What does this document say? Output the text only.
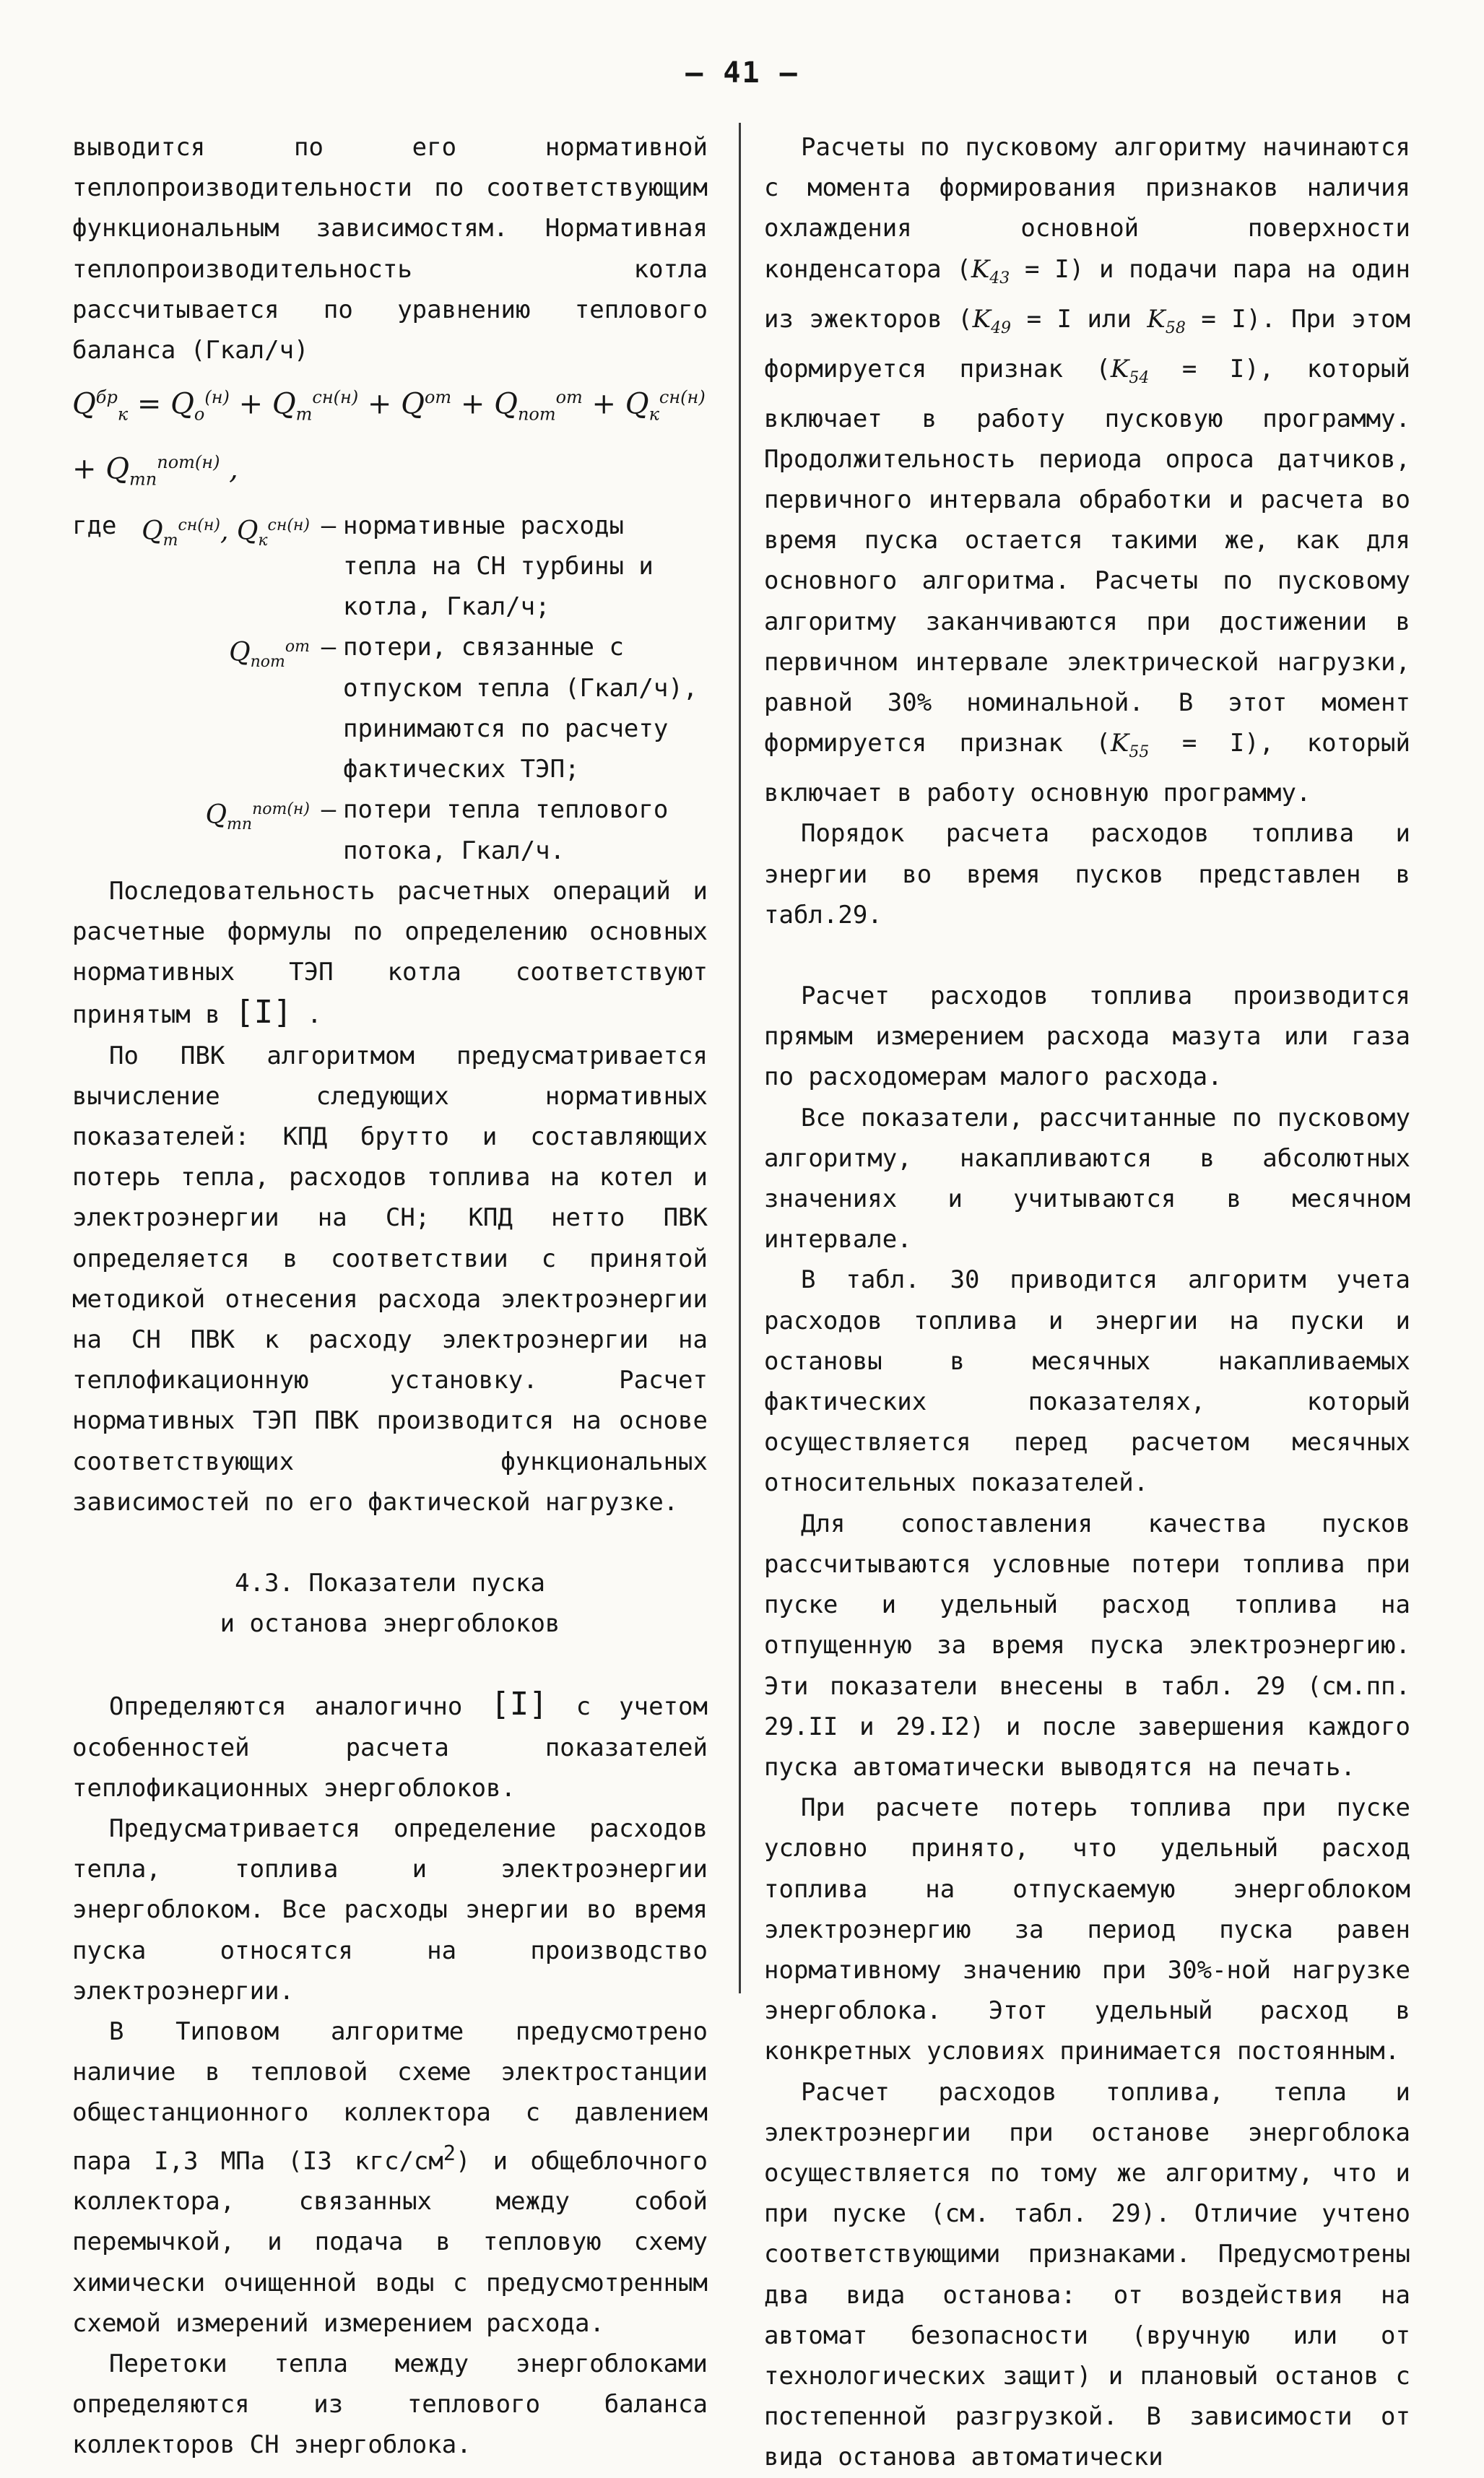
– 41 –

выводится по его нормативной теплопроизводительности по соответствующим функциональным зависимостям. Нормативная теплопроизводительность котла рассчитывается по уравнению теплового баланса (Гкал/ч)

$Q^{бр}_к = Q_о^{(н)} + Q_т^{сн(н)} + Q^{от} + Q_{пот}^{от} + Q_к^{сн(н)} + Q_{тп}^{пот(н)}$ ,
где $Q_т^{сн(н)}$, $Q_к^{сн(н)}$ – нормативные расходы тепла на СН турбины и котла, Гкал/ч;
$Q_{пот}^{от}$ – потери, связанные с отпуском тепла (Гкал/ч), принимаются по расчету фактических ТЭП;
$Q_{тп}^{пот(н)}$ – потери тепла теплового потока, Гкал/ч.

Последовательность расчетных операций и расчетные формулы по определению основных нормативных ТЭП котла соответствуют принятым в [I] .

По ПВК алгоритмом предусматривается вычисление следующих нормативных показателей: КПД брутто и составляющих потерь тепла, расходов топлива на котел и электроэнергии на СН; КПД нетто ПВК определяется в соответствии с принятой методикой отнесения расхода электроэнергии на СН ПВК к расходу электроэнергии на теплофикационную установку. Расчет нормативных ТЭП ПВК производится на основе соответствующих функциональных зависимостей по его фактической нагрузке.

4.3. Показатели пуска
и останова энергоблоков

Определяются аналогично [I] с учетом особенностей расчета показателей теплофикационных энергоблоков.

Предусматривается определение расходов тепла, топлива и электроэнергии энергоблоком. Все расходы энергии во время пуска относятся на производство электроэнергии.

В Типовом алгоритме предусмотрено наличие в тепловой схеме электростанции общестанционного коллектора с давлением пара I,3 МПа (I3 кгс/$см^2$) и общеблочного коллектора, связанных между собой перемычкой, и подача в тепловую схему химически очищенной воды с предусмотренным схемой измерений измерением расхода.

Перетоки тепла между энергоблоками определяются из теплового баланса коллекторов СН энергоблока.

Расчеты по пусковому алгоритму начинаются с момента формирования признаков наличия охлаждения основной поверхности конденсатора $(K_{43} = I)$ и подачи пара на один из эжекторов ($K_{49} = I$ или $K_{58} = I$). При этом формируется признак $(K_{54} = I)$, который включает в работу пусковую программу. Продолжительность периода опроса датчиков, первичного интервала обработки и расчета во время пуска остается такими же, как для основного алгоритма. Расчеты по пусковому алгоритму заканчиваются при достижении в первичном интервале электрической нагрузки, равной 30% номинальной. В этот момент формируется признак $(K_{55} = I)$, который включает в работу основную программу.

Порядок расчета расходов топлива и энергии во время пусков представлен в табл.29.

Расчет расходов топлива производится прямым измерением расхода мазута или газа по расходомерам малого расхода.

Все показатели, рассчитанные по пусковому алгоритму, накапливаются в абсолютных значениях и учитываются в месячном интервале.

В табл. 30 приводится алгоритм учета расходов топлива и энергии на пуски и остановы в месячных накапливаемых фактических показателях, который осуществляется перед расчетом месячных относительных показателей.

Для сопоставления качества пусков рассчитываются условные потери топлива при пуске и удельный расход топлива на отпущенную за время пуска электроэнергию. Эти показатели внесены в табл. 29 (см.пп. 29.II и 29.I2) и после завершения каждого пуска автоматически выводятся на печать.

При расчете потерь топлива при пуске условно принято, что удельный расход топлива на отпускаемую энергоблоком электроэнергию за период пуска равен нормативному значению при 30%-ной нагрузке энергоблока. Этот удельный расход в конкретных условиях принимается постоянным.

Расчет расходов топлива, тепла и электроэнергии при останове энергоблока осуществляется по тому же алгоритму, что и при пуске (см. табл. 29). Отличие учтено соответствующими признаками. Предусмотрены два вида останова: от воздействия на автомат безопасности (вручную или от технологических защит) и плановый останов с постепенной разгрузкой. В зависимости от вида останова автоматически
